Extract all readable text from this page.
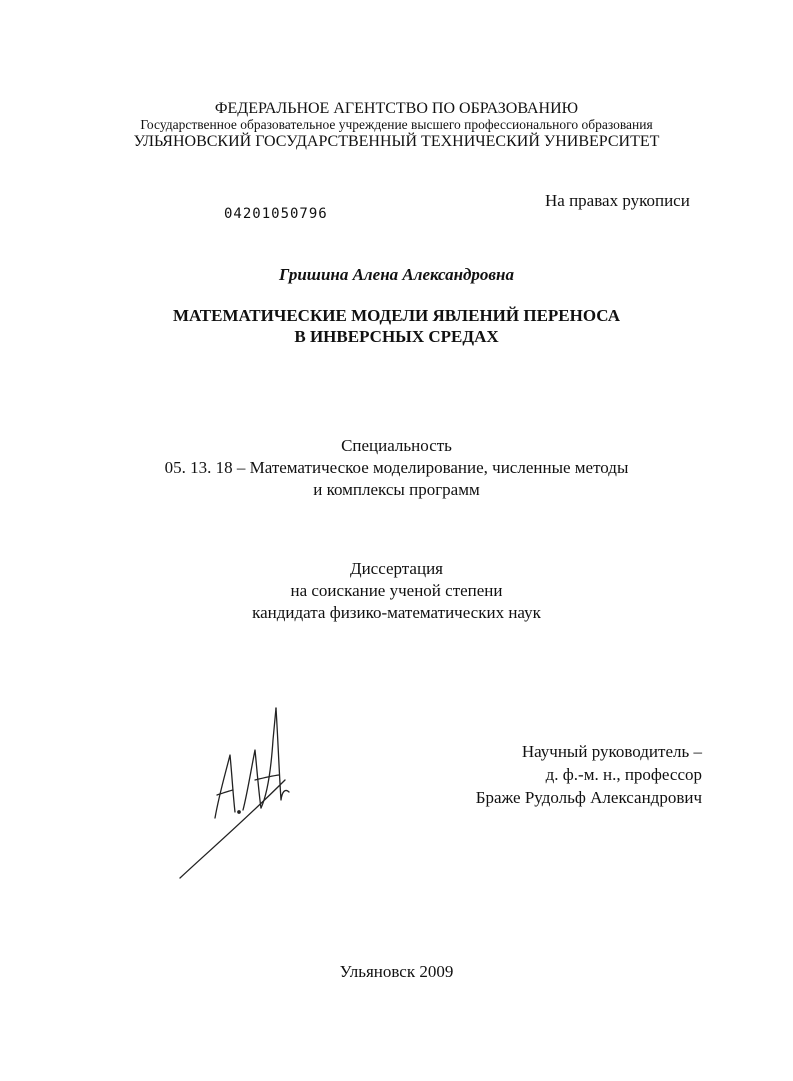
ФЕДЕРАЛЬНОЕ АГЕНТСТВО ПО ОБРАЗОВАНИЮ
Государственное образовательное учреждение высшего профессионального образования
УЛЬЯНОВСКИЙ ГОСУДАРСТВЕННЫЙ ТЕХНИЧЕСКИЙ УНИВЕРСИТЕТ
04201050796
На правах рукописи
Гришина Алена Александровна
МАТЕМАТИЧЕСКИЕ МОДЕЛИ ЯВЛЕНИЙ ПЕРЕНОСА
В ИНВЕРСНЫХ СРЕДАХ
Специальность
05. 13. 18 – Математическое моделирование, численные методы
и комплексы программ
Диссертация
на соискание ученой степени
кандидата физико-математических наук
Научный руководитель –
д. ф.-м. н., профессор
Браже Рудольф Александрович
Ульяновск 2009
